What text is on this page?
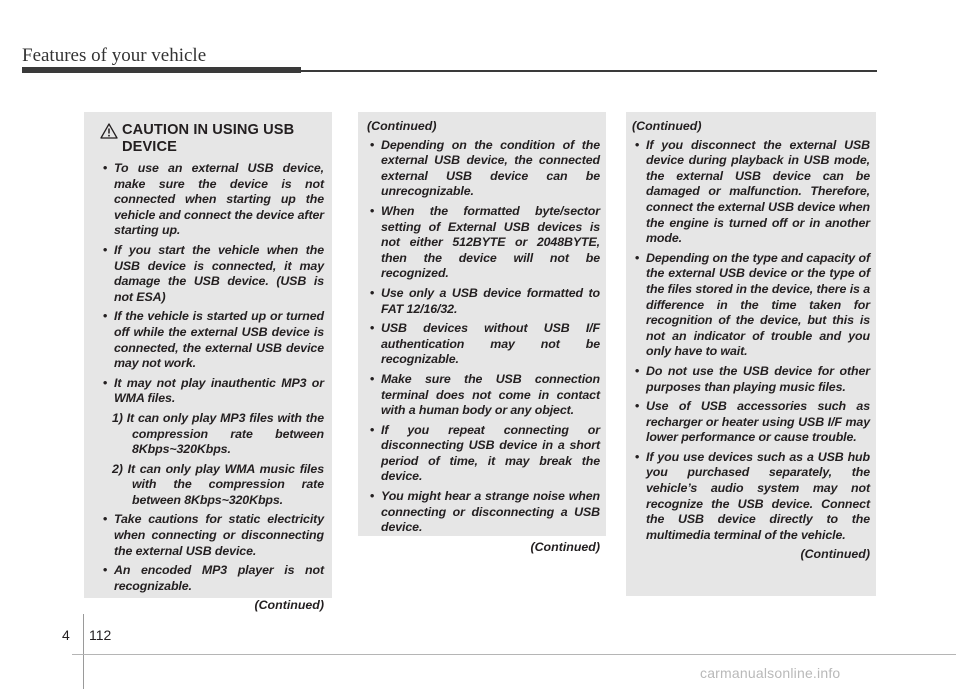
Features of your vehicle

CAUTION IN USING USB DEVICE

• To use an external USB device, make sure the device is not connected when starting up the vehicle and connect the device after starting up.
• If you start the vehicle when the USB device is connected, it may damage the USB device. (USB is not ESA)
• If the vehicle is started up or turned off while the external USB device is connected, the external USB device may not work.
• It may not play inauthentic MP3 or WMA files.
1) It can only play MP3 files with the compression rate between 8Kbps~320Kbps.
2) It can only play WMA music files with the compression rate between 8Kbps~320Kbps.
• Take cautions for static electricity when connecting or disconnecting the external USB device.
• An encoded MP3 player is not recognizable.
(Continued)
(Continued)
• Depending on the condition of the external USB device, the connected external USB device can be unrecognizable.
• When the formatted byte/sector setting of External USB devices is not either 512BYTE or 2048BYTE, then the device will not be recognized.
• Use only a USB device formatted to FAT 12/16/32.
• USB devices without USB I/F authentication may not be recognizable.
• Make sure the USB connection terminal does not come in contact with a human body or any object.
• If you repeat connecting or disconnecting USB device in a short period of time, it may break the device.
• You might hear a strange noise when connecting or disconnecting a USB device.
(Continued)
(Continued)
• If you disconnect the external USB device during playback in USB mode, the external USB device can be damaged or malfunction. Therefore, connect the external USB device when the engine is turned off or in another mode.
• Depending on the type and capacity of the external USB device or the type of the files stored in the device, there is a difference in the time taken for recognition of the device, but this is not an indicator of trouble and you only have to wait.
• Do not use the USB device for other purposes than playing music files.
• Use of USB accessories such as recharger or heater using USB I/F may lower performance or cause trouble.
• If you use devices such as a USB hub you purchased separately, the vehicle’s audio system may not recognize the USB device. Connect the USB device directly to the multimedia terminal of the vehicle.
(Continued)
4 112
carmanualsonline.info
